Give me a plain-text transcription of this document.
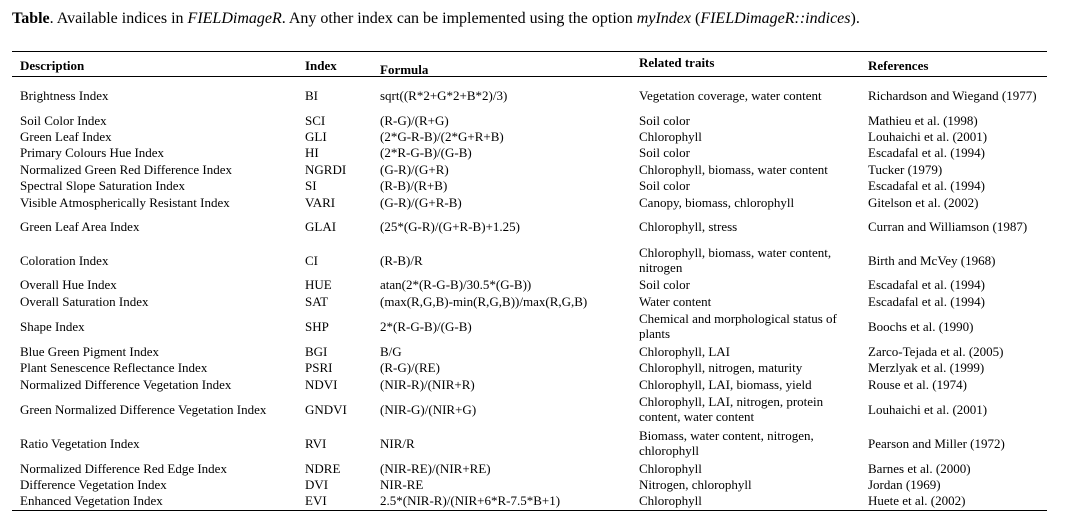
Table. Available indices in FIELDimageR. Any other index can be implemented using the option myIndex (FIELDimageR::indices).
Description	Index	Formula	Related traits	References
Brightness Index	BI	sqrt((R*2+G*2+B*2)/3)	Vegetation coverage, water content	Richardson and Wiegand (1977)
Soil Color Index	SCI	(R-G)/(R+G)	Soil color	Mathieu et al. (1998)
Green Leaf Index	GLI	(2*G-R-B)/(2*G+R+B)	Chlorophyll	Louhaichi et al. (2001)
Primary Colours Hue Index	HI	(2*R-G-B)/(G-B)	Soil color	Escadafal et al. (1994)
Normalized Green Red Difference Index	NGRDI	(G-R)/(G+R)	Chlorophyll, biomass, water content	Tucker (1979)
Spectral Slope Saturation Index	SI	(R-B)/(R+B)	Soil color	Escadafal et al. (1994)
Visible Atmospherically Resistant Index	VARI	(G-R)/(G+R-B)	Canopy, biomass, chlorophyll	Gitelson et al. (2002)
Green Leaf Area Index	GLAI	(25*(G-R)/(G+R-B)+1.25)	Chlorophyll, stress	Curran and Williamson (1987)
Coloration Index	CI	(R-B)/R	Chlorophyll, biomass, water content, nitrogen	Birth and McVey (1968)
Overall Hue Index	HUE	atan(2*(R-G-B)/30.5*(G-B))	Soil color	Escadafal et al. (1994)
Overall Saturation Index	SAT	(max(R,G,B)-min(R,G,B))/max(R,G,B)	Water content	Escadafal et al. (1994)
Shape Index	SHP	2*(R-G-B)/(G-B)	Chemical and morphological status of plants	Boochs et al. (1990)
Blue Green Pigment Index	BGI	B/G	Chlorophyll, LAI	Zarco-Tejada et al. (2005)
Plant Senescence Reflectance Index	PSRI	(R-G)/(RE)	Chlorophyll, nitrogen, maturity	Merzlyak et al. (1999)
Normalized Difference Vegetation Index	NDVI	(NIR-R)/(NIR+R)	Chlorophyll, LAI, biomass, yield	Rouse et al. (1974)
Green Normalized Difference Vegetation Index	GNDVI	(NIR-G)/(NIR+G)	Chlorophyll, LAI, nitrogen, protein content, water content	Louhaichi et al. (2001)
Ratio Vegetation Index	RVI	NIR/R	Biomass, water content, nitrogen, chlorophyll	Pearson and Miller (1972)
Normalized Difference Red Edge Index	NDRE	(NIR-RE)/(NIR+RE)	Chlorophyll	Barnes et al. (2000)
Difference Vegetation Index	DVI	NIR-RE	Nitrogen, chlorophyll	Jordan (1969)
Enhanced Vegetation Index	EVI	2.5*(NIR-R)/(NIR+6*R-7.5*B+1)	Chlorophyll	Huete et al. (2002)
